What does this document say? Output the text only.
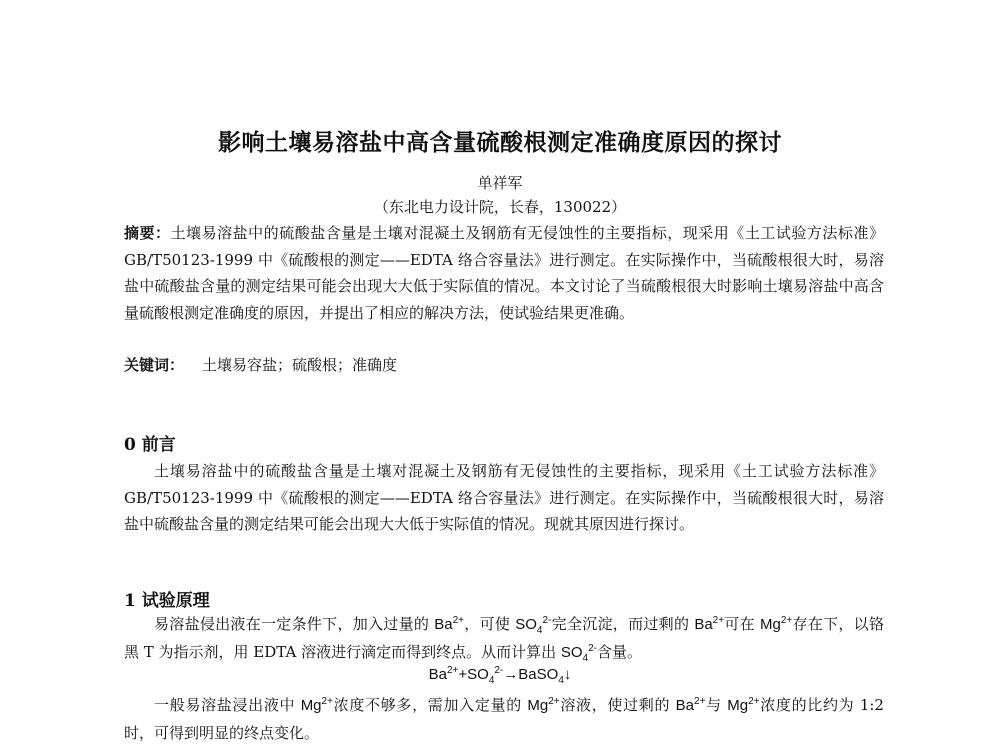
影响土壤易溶盐中高含量硫酸根测定准确度原因的探讨
单祥军
（东北电力设计院，长春，130022）
摘要：土壤易溶盐中的硫酸盐含量是土壤对混凝土及钢筋有无侵蚀性的主要指标，现采用《土工试验方法标准》GB/T50123-1999 中《硫酸根的测定——EDTA 络合容量法》进行测定。在实际操作中，当硫酸根很大时，易溶盐中硫酸盐含量的测定结果可能会出现大大低于实际值的情况。本文讨论了当硫酸根很大时影响土壤易溶盐中高含量硫酸根测定准确度的原因，并提出了相应的解决方法，使试验结果更准确。
关键词： 土壤易容盐；硫酸根；准确度
0 前言
土壤易溶盐中的硫酸盐含量是土壤对混凝土及钢筋有无侵蚀性的主要指标，现采用《土工试验方法标准》GB/T50123-1999 中《硫酸根的测定——EDTA 络合容量法》进行测定。在实际操作中，当硫酸根很大时，易溶盐中硫酸盐含量的测定结果可能会出现大大低于实际值的情况。现就其原因进行探讨。
1 试验原理
易溶盐侵出液在一定条件下，加入过量的 $Ba^{2+}$，可使 $SO_4^{2-}$完全沉淀，而过剩的 $Ba^{2+}$可在 $Mg^{2+}$存在下，以铬黑 T 为指示剂，用 EDTA 溶液进行滴定而得到终点。从而计算出 $SO_4^{2-}$含量。
$Ba^{2+}+SO_4^{2-}\to BaSO_4↓$
一般易溶盐浸出液中 $Mg^{2+}$浓度不够多，需加入定量的 $Mg^{2+}$溶液，使过剩的 $Ba^{2+}$与 $Mg^{2+}$浓度的比约为 1:2 时，可得到明显的终点变化。
